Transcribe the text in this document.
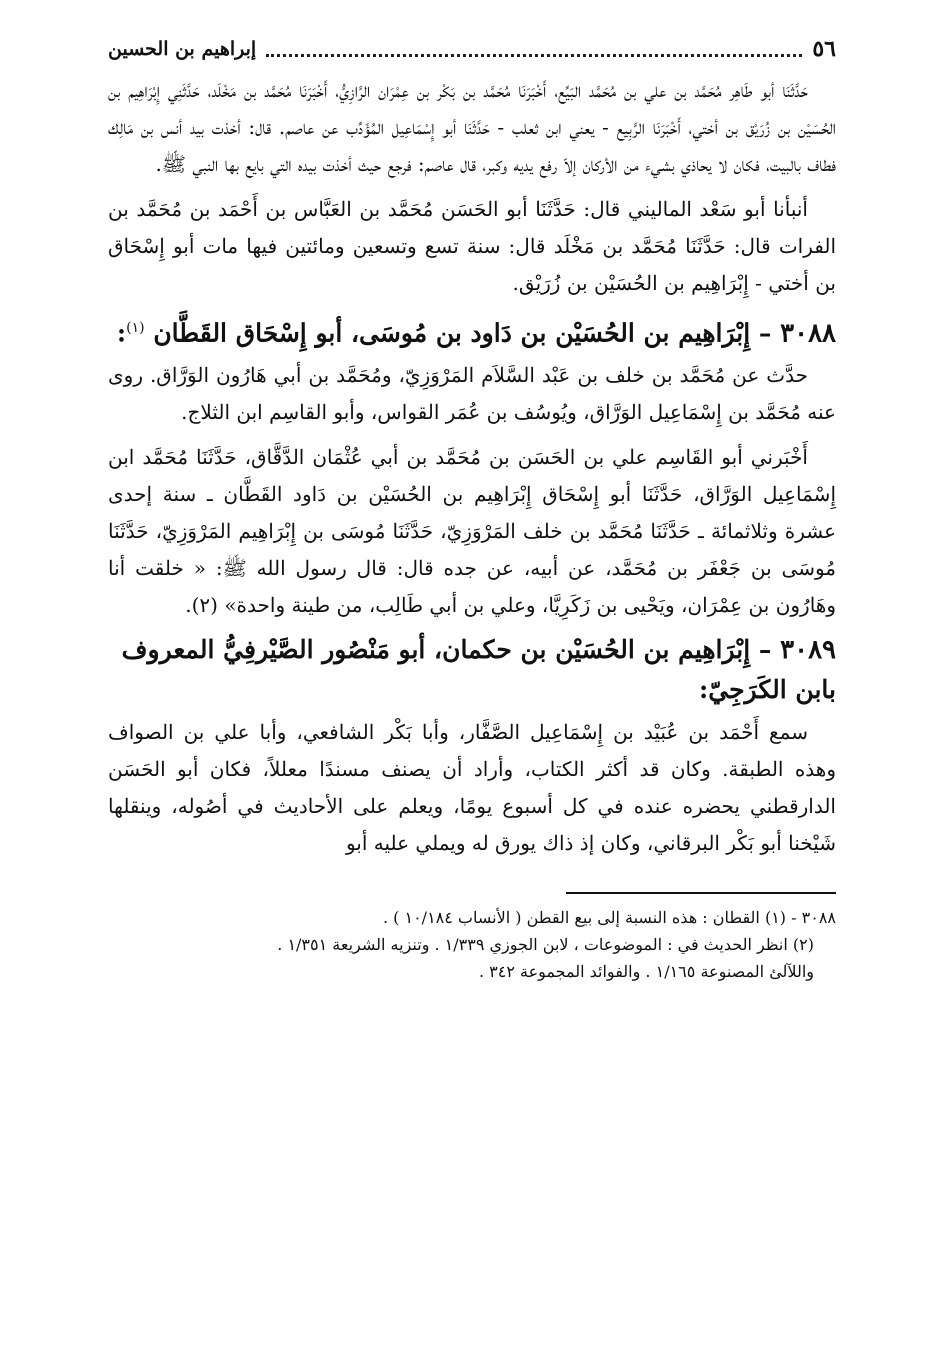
٥٦
إبراهيم بن الحسين

حَدَّثَنَا أبو طَاهِر مُحَمَّد بن علي بن مُحَمَّد البَيِّع، أَخْبَرَنَا مُحَمَّد بن بَكْر بن عِمْرَان الرَّازِيُّ، أَخْبَرَنَا مُحَمَّد بن مَخْلَد، حَدَّثَنِي إِبْرَاهِيم بن الحُسَيْن بن زُرَيْق بن أختي، أَخْبَرَنَا الرَّبِيع - يعني ابن ثعلب - حَدَّثَنَا أبو إِسْمَاعِيل المُؤَدِّب عن عاصم. قال: أخذت بيد أنس بن مَالِك فطاف بالبيت، فكان لا يحاذي بشيء من الأركان إلاّ رفع يديه وكبر، قال عاصم: فرجع حيث أخذت بيده التي بايع بها النبي ﷺ.

أنبأنا أبو سَعْد الماليني قال: حَدَّثَنَا أبو الحَسَن مُحَمَّد بن العَبَّاس بن أَحْمَد بن مُحَمَّد بن الفرات قال: حَدَّثَنَا مُحَمَّد بن مَخْلَد قال: سنة تسع وتسعين ومائتين فيها مات أبو إِسْحَاق بن أختي - إِبْرَاهِيم بن الحُسَيْن بن زُرَيْق.

٣٠٨٨ – إِبْرَاهِيم بن الحُسَيْن بن دَاود بن مُوسَى، أبو إِسْحَاق القَطَّان $^{(١)}$:

حدَّث عن مُحَمَّد بن خلف بن عَبْد السَّلاَم المَرْوَزِيّ، ومُحَمَّد بن أبي هَارُون الوَرَّاق. روى عنه مُحَمَّد بن إِسْمَاعِيل الوَرَّاق، ويُوسُف بن عُمَر القواس، وأبو القاسِم ابن الثلاج.

أَخْبَرني أبو القَاسِم علي بن الحَسَن بن مُحَمَّد بن أبي عُثْمَان الدَّقَّاق، حَدَّثَنَا مُحَمَّد ابن إِسْمَاعِيل الوَرَّاق، حَدَّثَنَا أبو إِسْحَاق إِبْرَاهِيم بن الحُسَيْن بن دَاود القَطَّان ـ سنة إحدى عشرة وثلاثمائة ـ حَدَّثَنَا مُحَمَّد بن خلف المَرْوَزِيّ، حَدَّثَنَا مُوسَى بن إِبْرَاهِيم المَرْوَزِيّ، حَدَّثَنَا مُوسَى بن جَعْفَر بن مُحَمَّد، عن أبيه، عن جده قال: قال رسول الله ﷺ: « خلقت أنا وهَارُون بن عِمْرَان، ويَحْيى بن زَكَرِيَّا، وعلي بن أبي طَالِب، من طينة واحدة» (٢).

٣٠٨٩ – إِبْرَاهِيم بن الحُسَيْن بن حكمان، أبو مَنْصُور الصَّيْرفِيُّ المعروف بابن الكَرَجِيّ:

سمع أَحْمَد بن عُبَيْد بن إِسْمَاعِيل الصَّفَّار، وأبا بَكْر الشافعي، وأبا علي بن الصواف وهذه الطبقة. وكان قد أكثر الكتاب، وأراد أن يصنف مسندًا معللاً، فكان أبو الحَسَن الدارقطني يحضره عنده في كل أسبوع يومًا، ويعلم على الأحاديث في أصُوله، وينقلها شَيْخنا أبو بَكْر البرقاني، وكان إذ ذاك يورق له ويملي عليه أبو

٣٠٨٨ - (١) القطان : هذه النسبة إلى بيع القطن ( الأنساب ١٠/١٨٤ ) .

(٢) انظر الحديث في : الموضوعات ، لابن الجوزي ١/٣٣٩ . وتنزيه الشريعة ١/٣٥١ .

واللآلئ المصنوعة ١/١٦٥ . والفوائد المجموعة ٣٤٢ .
